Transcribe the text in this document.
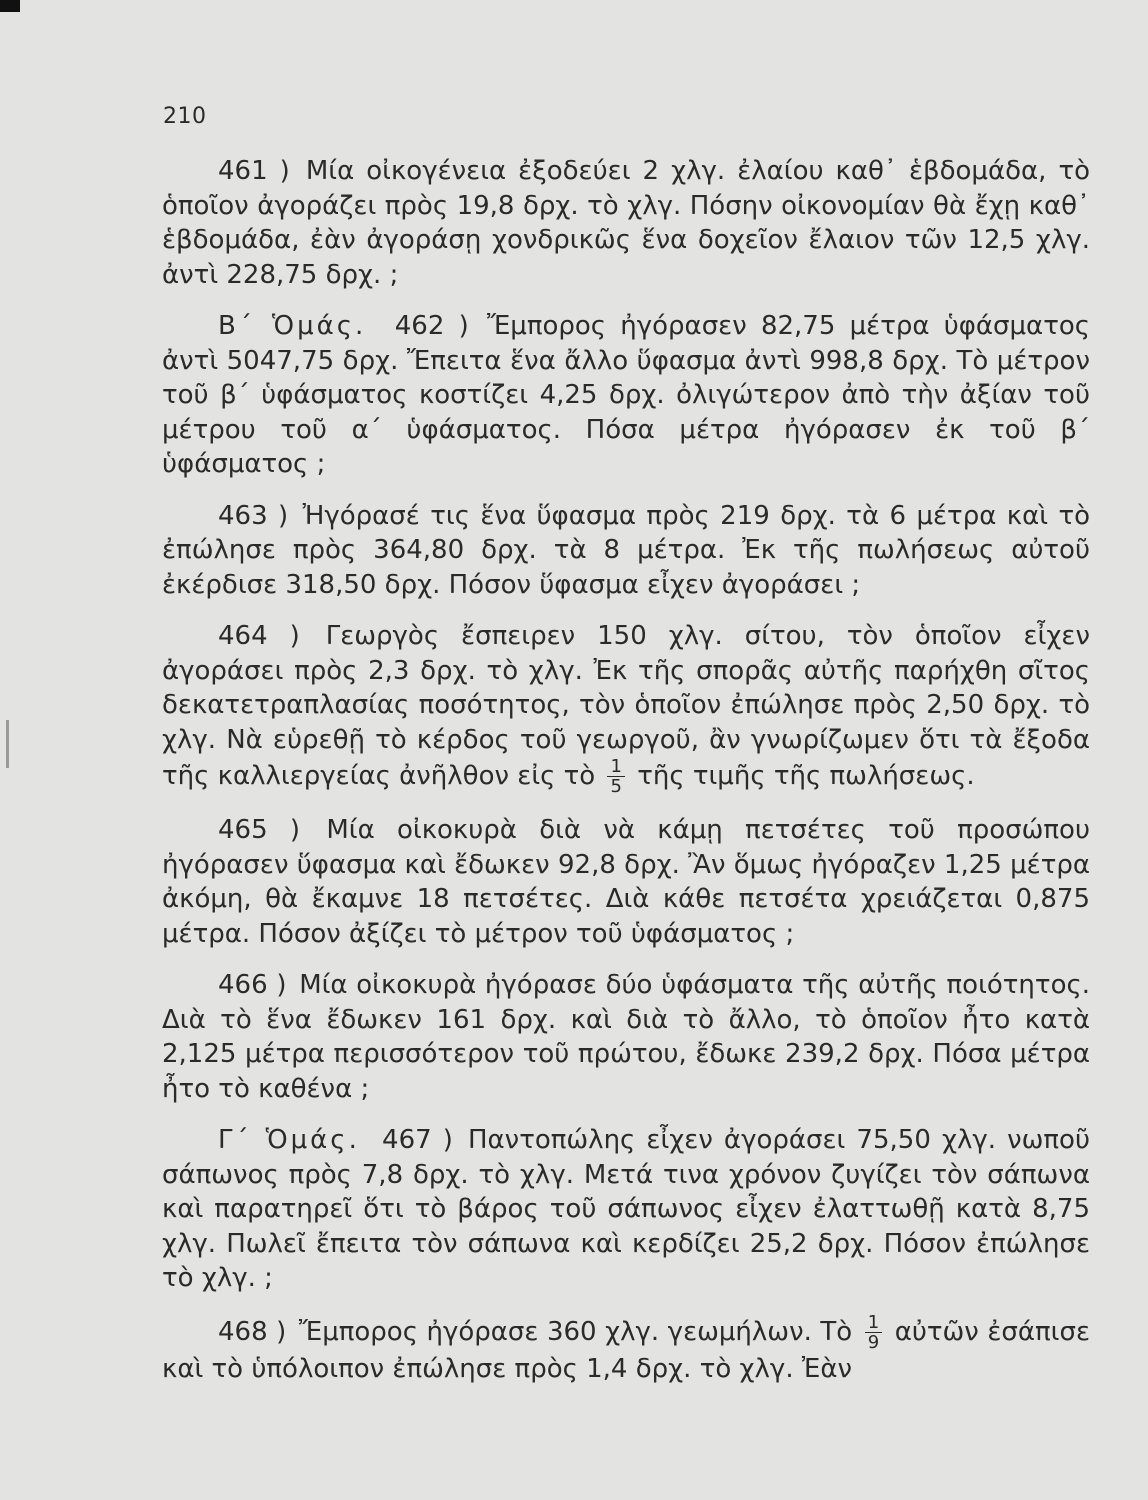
210

461 ) Μία οἰκογένεια ἐξοδεύει 2 χλγ. ἐλαίου καθ᾽ ἑβδομάδα, τὸ ὁποῖον ἀγοράζει πρὸς 19,8 δρχ. τὸ χλγ. Πόσην οἰκονομίαν θὰ ἔχῃ καθ᾽ ἑβδομάδα, ἐὰν ἀγοράσῃ χονδρικῶς ἕνα δοχεῖον ἔλαιον τῶν 12,5 χλγ. ἀντὶ 228,75 δρχ. ;

Β΄ Ὁμάς. 462 ) Ἔμπορος ἠγόρασεν 82,75 μέτρα ὑφάσματος ἀντὶ 5047,75 δρχ. Ἔπειτα ἕνα ἄλλο ὕφασμα ἀντὶ 998,8 δρχ. Τὸ μέτρον τοῦ β΄ ὑφάσματος κοστίζει 4,25 δρχ. ὀλιγώτερον ἀπὸ τὴν ἀξίαν τοῦ μέτρου τοῦ α΄ ὑφάσματος. Πόσα μέτρα ἠγόρασεν ἐκ τοῦ β΄ ὑφάσματος ;

463 ) Ἠγόρασέ τις ἕνα ὕφασμα πρὸς 219 δρχ. τὰ 6 μέτρα καὶ τὸ ἐπώλησε πρὸς 364,80 δρχ. τὰ 8 μέτρα. Ἐκ τῆς πωλήσεως αὐτοῦ ἐκέρδισε 318,50 δρχ. Πόσον ὕφασμα εἶχεν ἀγοράσει ;

464 ) Γεωργὸς ἔσπειρεν 150 χλγ. σίτου, τὸν ὁποῖον εἶχεν ἀγοράσει πρὸς 2,3 δρχ. τὸ χλγ. Ἐκ τῆς σπορᾶς αὐτῆς παρήχθη σῖτος δεκατετραπλασίας ποσότητος, τὸν ὁποῖον ἐπώλησε πρὸς 2,50 δρχ. τὸ χλγ. Νὰ εὑρεθῇ τὸ κέρδος τοῦ γεωργοῦ, ἂν γνωρίζωμεν ὅτι τὰ ἔξοδα τῆς καλλιεργείας ἀνῆλθον εἰς τὸ $\frac{1}{5}$ τῆς τιμῆς τῆς πωλήσεως.

465 ) Μία οἰκοκυρὰ διὰ νὰ κάμῃ πετσέτες τοῦ προσώπου ἠγόρασεν ὕφασμα καὶ ἔδωκεν 92,8 δρχ. Ἂν ὅμως ἠγόραζεν 1,25 μέτρα ἀκόμη, θὰ ἔκαμνε 18 πετσέτες. Διὰ κάθε πετσέτα χρειάζεται 0,875 μέτρα. Πόσον ἀξίζει τὸ μέτρον τοῦ ὑφάσματος ;

466 ) Μία οἰκοκυρὰ ἠγόρασε δύο ὑφάσματα τῆς αὐτῆς ποιότητος. Διὰ τὸ ἕνα ἔδωκεν 161 δρχ. καὶ διὰ τὸ ἄλλο, τὸ ὁποῖον ἦτο κατὰ 2,125 μέτρα περισσότερον τοῦ πρώτου, ἔδωκε 239,2 δρχ. Πόσα μέτρα ἦτο τὸ καθένα ;

Γ΄ Ὁμάς. 467 ) Παντοπώλης εἶχεν ἀγοράσει 75,50 χλγ. νωποῦ σάπωνος πρὸς 7,8 δρχ. τὸ χλγ. Μετά τινα χρόνον ζυγίζει τὸν σάπωνα καὶ παρατηρεῖ ὅτι τὸ βάρος τοῦ σάπωνος εἶχεν ἐλαττωθῇ κατὰ 8,75 χλγ. Πωλεῖ ἔπειτα τὸν σάπωνα καὶ κερδίζει 25,2 δρχ. Πόσον ἐπώλησε τὸ χλγ. ;

468 ) Ἔμπορος ἠγόρασε 360 χλγ. γεωμήλων. Τὸ $\frac{1}{9}$ αὐτῶν ἐσάπισε καὶ τὸ ὑπόλοιπον ἐπώλησε πρὸς 1,4 δρχ. τὸ χλγ. Ἐὰν
